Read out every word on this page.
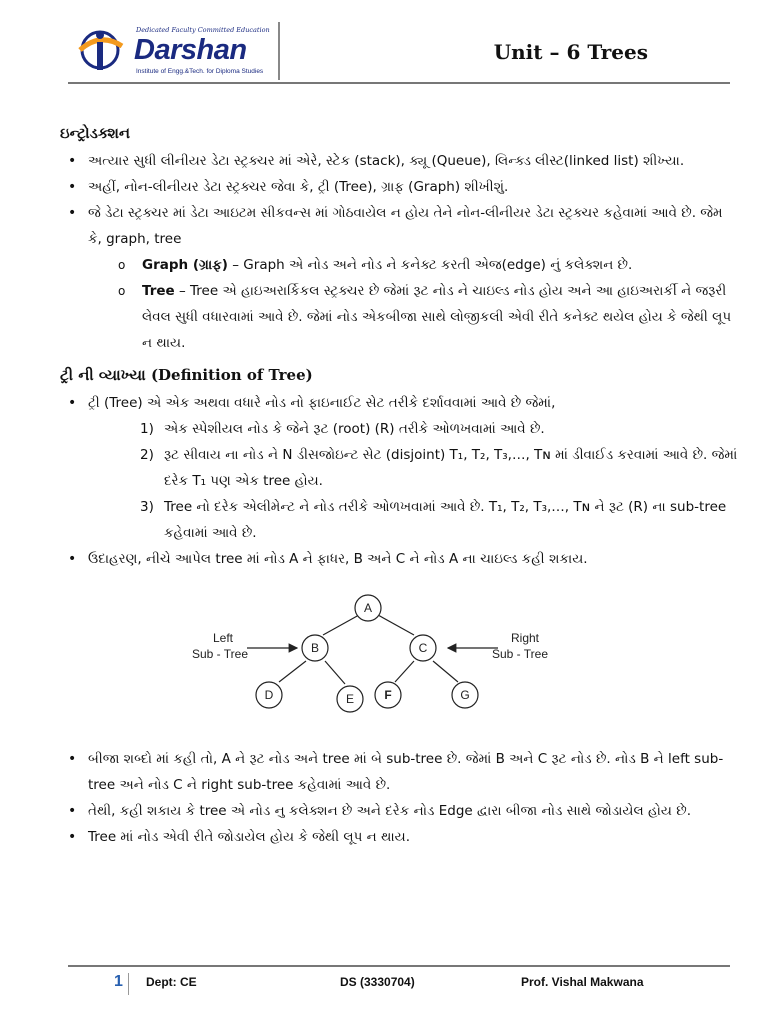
Dedicated Faculty Committed Education
Darshan
Institute of Engg.&Tech. for Diploma Studies
Unit – 6 Trees
ઇન્ટ્રોડક્શન
• અત્યાર સુધી લીનીયર ડેટા સ્ટ્રક્ચર માં એરે, સ્ટેક (stack), ક્યૂ (Queue), લિન્ક્ડ લીસ્ટ(linked list) શીખ્યા.
• અહીં, નોન-લીનીયર ડેટા સ્ટ્રક્ચર જેવા કે, ટ્રી (Tree), ગ્રાફ (Graph) શીખીશું.
• જે ડેટા સ્ટ્રક્ચર માં ડેટા આઇટમ સીકવન્સ માં ગોઠવાયેલ ન હોય તેને નોન-લીનીયર ડેટા સ્ટ્રક્ચર કહેવામાં આવે છે. જેમ કે, graph, tree
o Graph (ગ્રાફ) – Graph એ નોડ અને નોડ ને કનેક્ટ કરતી એજ(edge) નું કલેક્શન છે.
o Tree – Tree એ હાઇઅરાર્કિકલ સ્ટ્રક્ચર છે જેમાં રૂટ નોડ ને ચાઇલ્ડ નોડ હોય અને આ હાઇઅરાર્કી ને જરૂરી લેવલ સુધી વધારવામાં આવે છે. જેમાં નોડ એકબીજા સાથે લોજીકલી એવી રીતે કનેક્ટ થયેલ હોય કે જેથી લૂપ ન થાય.
ટ્રી ની વ્યાખ્યા (Definition of Tree)
• ટ્રી (Tree) એ એક અથવા વધારે નોડ નો ફાઇનાઈટ સેટ તરીકે દર્શાવવામાં આવે છે જેમાં,
1) એક સ્પેશીયલ નોડ કે જેને રૂટ (root) (R) તરીકે ઓળખવામાં આવે છે.
2) રૂટ સીવાય ના નોડ ને N ડીસજોઇન્ટ સેટ (disjoint) T₁, T₂, T₃,…, Tɴ માં ડીવાઈડ કરવામાં આવે છે. જેમાં દરેક T₁ પણ એક tree હોય.
3) Tree નો દરેક એલીમેન્ટ ને નોડ તરીકે ઓળખવામાં આવે છે. T₁, T₂, T₃,…, Tɴ ને રૂટ (R) ના sub-tree કહેવામાં આવે છે.
• ઉદાહરણ, નીચે આપેલ tree માં નોડ A ને ફાધર, B અને C ને નોડ A ના ચાઇલ્ડ કહી શકાય.
A
B	C
D	E	F	G
Left
Sub - Tree
Right
Sub - Tree
• બીજા શબ્દો માં કહી તો, A ને રૂટ નોડ અને tree માં બે sub-tree છે. જેમાં B અને C રૂટ નોડ છે. નોડ B ને left sub-tree અને નોડ C ને right sub-tree કહેવામાં આવે છે.
• તેથી, કહી શકાય કે tree એ નોડ નુ કલેક્શન છે અને દરેક નોડ Edge દ્વારા બીજા નોડ સાથે જોડાયેલ હોય છે.
• Tree માં નોડ એવી રીતે જોડાયેલ હોય કે જેથી લૂપ ન થાય.
1 Dept: CE	DS (3330704)	Prof. Vishal Makwana
